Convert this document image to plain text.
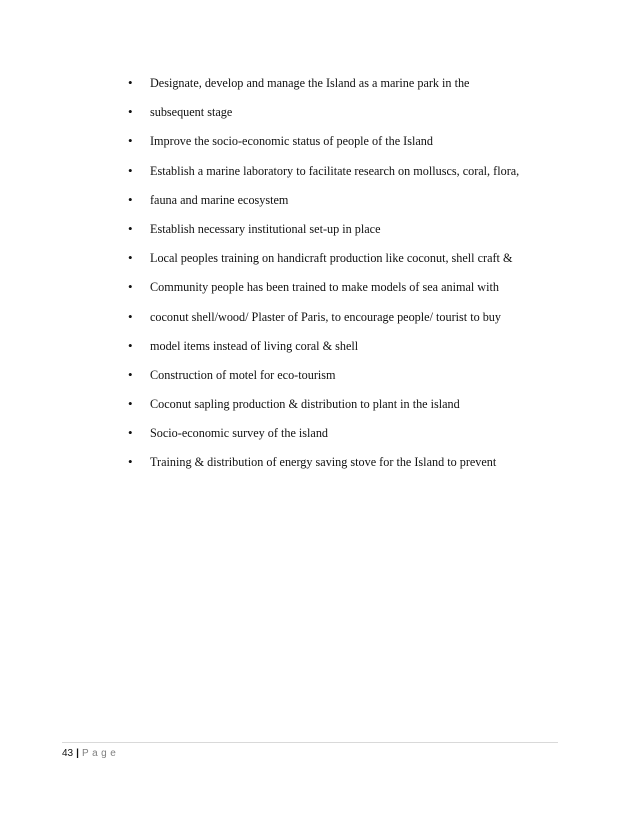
•	Designate, develop and manage the Island as a marine park in the
•	subsequent stage
•	Improve the socio-economic status of people of the Island
•	Establish a marine laboratory to facilitate research on molluscs, coral, flora,
•	fauna and marine ecosystem
•	Establish necessary institutional set-up in place
•	Local peoples training on handicraft production like coconut, shell craft &
•	Community people has been trained to make models of sea animal with
•	coconut shell/wood/ Plaster of Paris, to encourage people/ tourist to buy
•	model items instead of living coral & shell
•	Construction of motel for eco-tourism
•	Coconut sapling production & distribution to plant in the island
•	Socio-economic survey of the island
•	Training & distribution of energy saving stove for the Island to prevent
43 | Page
